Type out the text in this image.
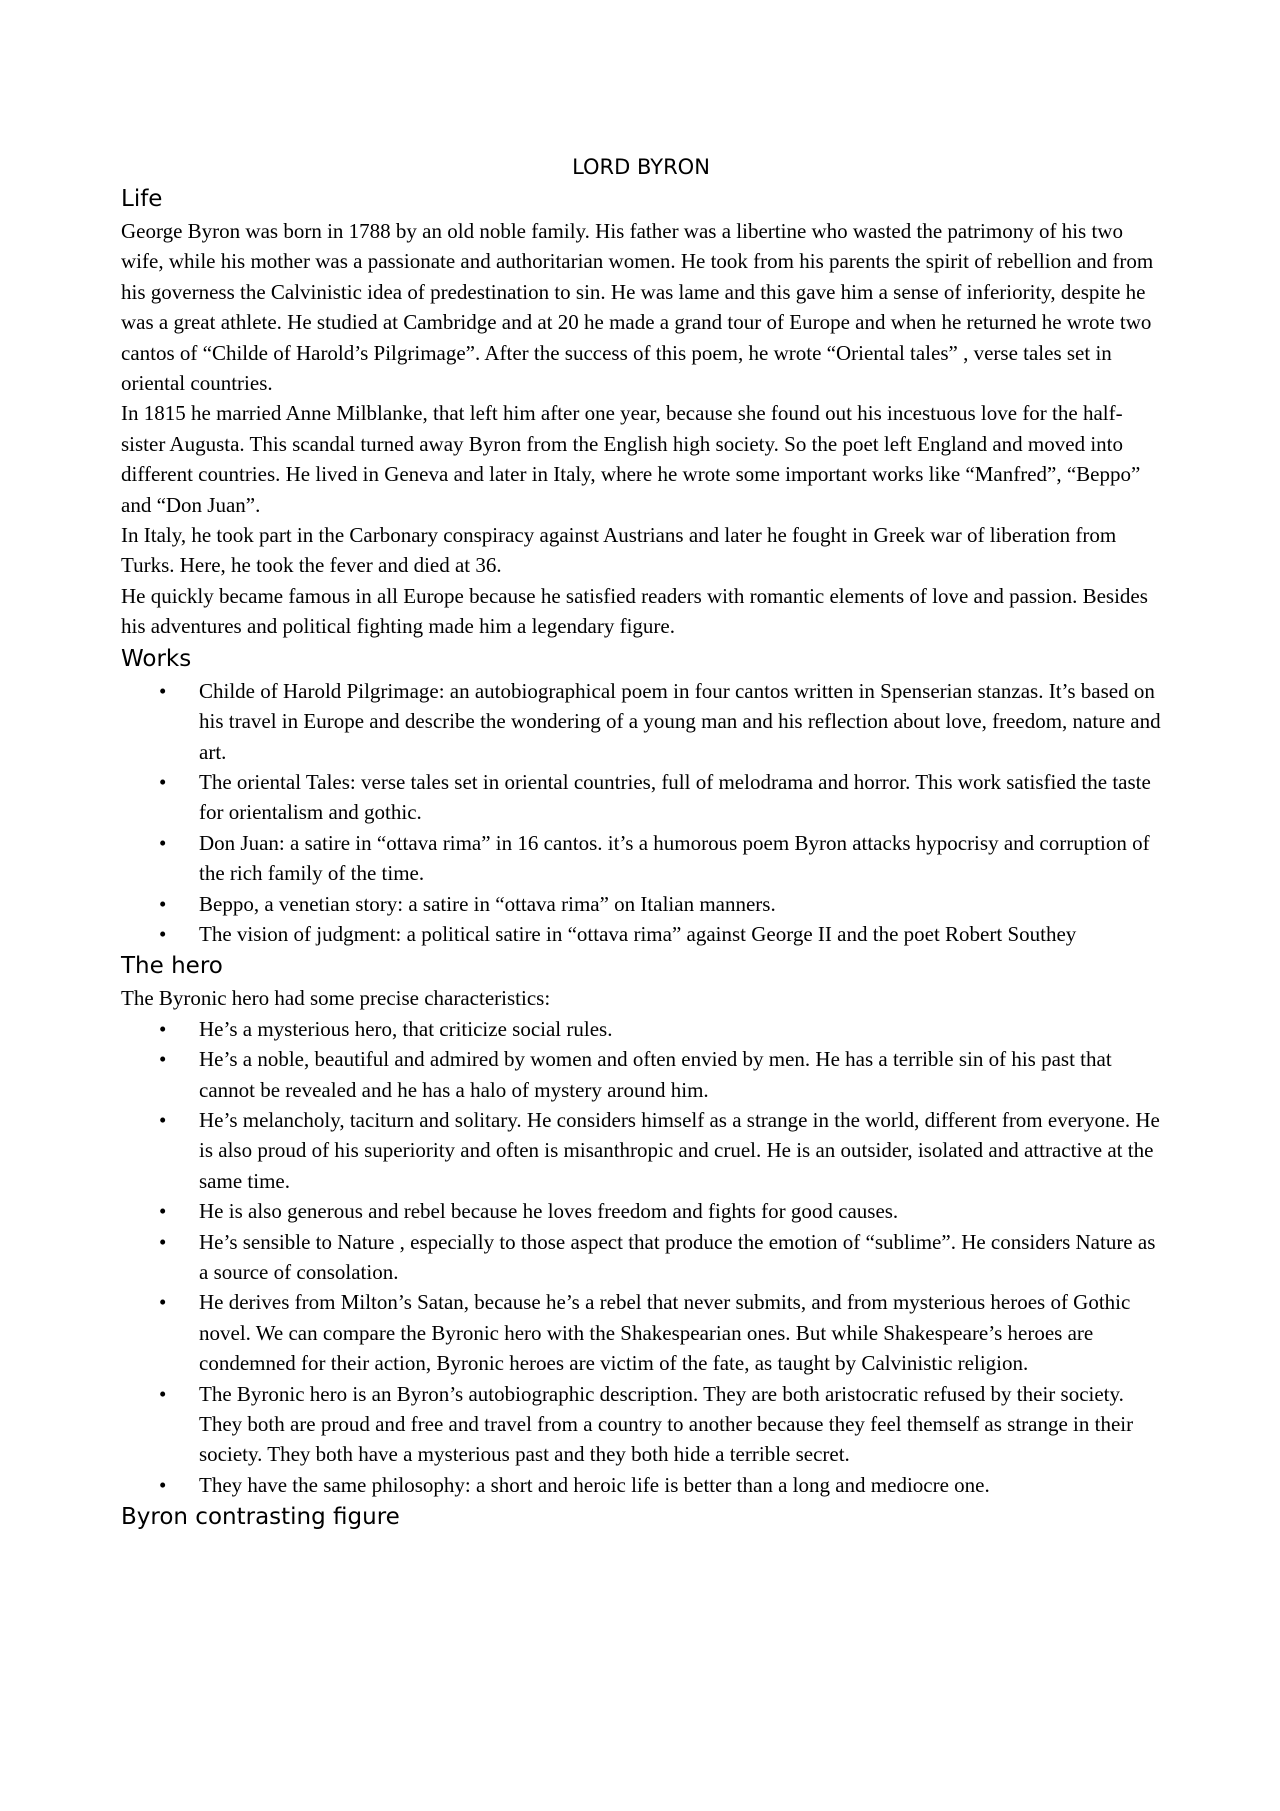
LORD BYRON
Life

George Byron was born in 1788 by an old noble family. His father was a libertine who wasted the patrimony of his two wife, while his mother was a passionate and authoritarian women. He took from his parents the spirit of rebellion and from his governess the Calvinistic idea of predestination to sin. He was lame and this gave him a sense of inferiority, despite he was a great athlete. He studied at Cambridge and at 20 he made a grand tour of Europe and when he returned he wrote two cantos of “Childe of Harold’s Pilgrimage”. After the success of this poem, he wrote “Oriental tales” , verse tales set in oriental countries.

In 1815 he married Anne Milblanke, that left him after one year, because she found out his incestuous love for the half-sister Augusta. This scandal turned away Byron from the English high society. So the poet left England and moved into different countries. He lived in Geneva and later in Italy, where he wrote some important works like “Manfred”, “Beppo” and “Don Juan”.

In Italy, he took part in the Carbonary conspiracy against Austrians and later he fought in Greek war of liberation from Turks. Here, he took the fever and died at 36.

He quickly became famous in all Europe because he satisfied readers with romantic elements of love and passion. Besides his adventures and political fighting made him a legendary figure.

Works
• Childe of Harold Pilgrimage: an autobiographical poem in four cantos written in Spenserian stanzas. It’s based on his travel in Europe and describe the wondering of a young man and his reflection about love, freedom, nature and art.
• The oriental Tales: verse tales set in oriental countries, full of melodrama and horror. This work satisfied the taste for orientalism and gothic.
• Don Juan: a satire in “ottava rima” in 16 cantos. it’s a humorous poem Byron attacks hypocrisy and corruption of the rich family of the time.
• Beppo, a venetian story: a satire in “ottava rima” on Italian manners.
• The vision of judgment: a political satire in “ottava rima” against George II and the poet Robert Southey
The hero

The Byronic hero had some precise characteristics:

• He’s a mysterious hero, that criticize social rules.
• He’s a noble, beautiful and admired by women and often envied by men. He has a terrible sin of his past that cannot be revealed and he has a halo of mystery around him.
• He’s melancholy, taciturn and solitary. He considers himself as a strange in the world, different from everyone. He is also proud of his superiority and often is misanthropic and cruel. He is an outsider, isolated and attractive at the same time.
• He is also generous and rebel because he loves freedom and fights for good causes.
• He’s sensible to Nature , especially to those aspect that produce the emotion of “sublime”. He considers Nature as a source of consolation.
• He derives from Milton’s Satan, because he’s a rebel that never submits, and from mysterious heroes of Gothic novel. We can compare the Byronic hero with the Shakespearian ones. But while Shakespeare’s heroes are condemned for their action, Byronic heroes are victim of the fate, as taught by Calvinistic religion.
• The Byronic hero is an Byron’s autobiographic description. They are both aristocratic refused by their society. They both are proud and free and travel from a country to another because they feel themself as strange in their society. They both have a mysterious past and they both hide a terrible secret.
• They have the same philosophy: a short and heroic life is better than a long and mediocre one.
Byron contrasting figure
